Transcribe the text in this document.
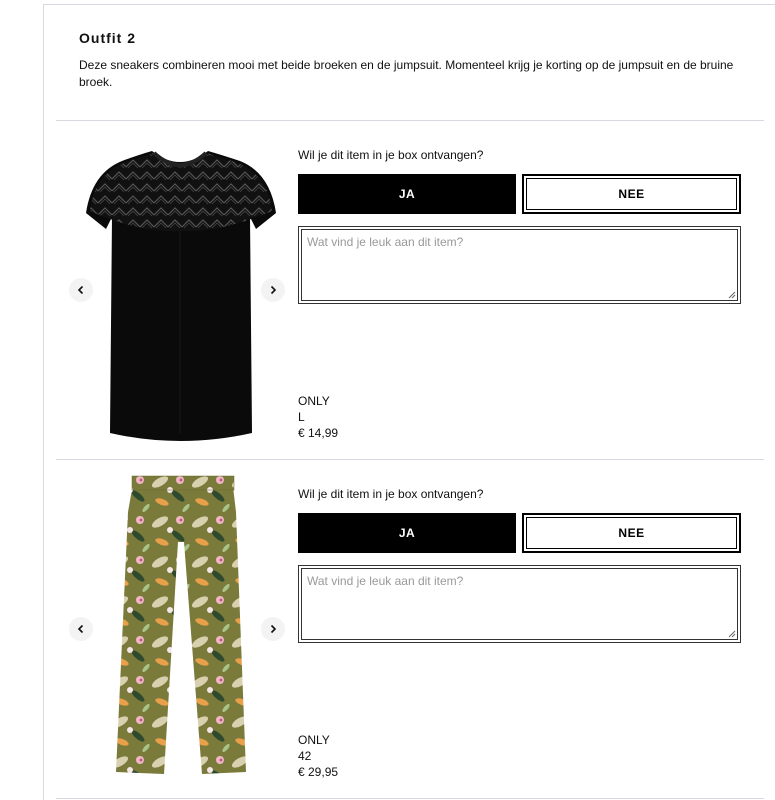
Outfit 2

Deze sneakers combineren mooi met beide broeken en de jumpsuit. Momenteel krijg je korting op de jumpsuit en de bruine broek.

Wil je dit item in je box ontvangen?
JA	NEE
Wat vind je leuk aan dit item?
ONLY
L
€ 14,99
Wil je dit item in je box ontvangen?
JA	NEE
Wat vind je leuk aan dit item?
ONLY
42
€ 29,95
